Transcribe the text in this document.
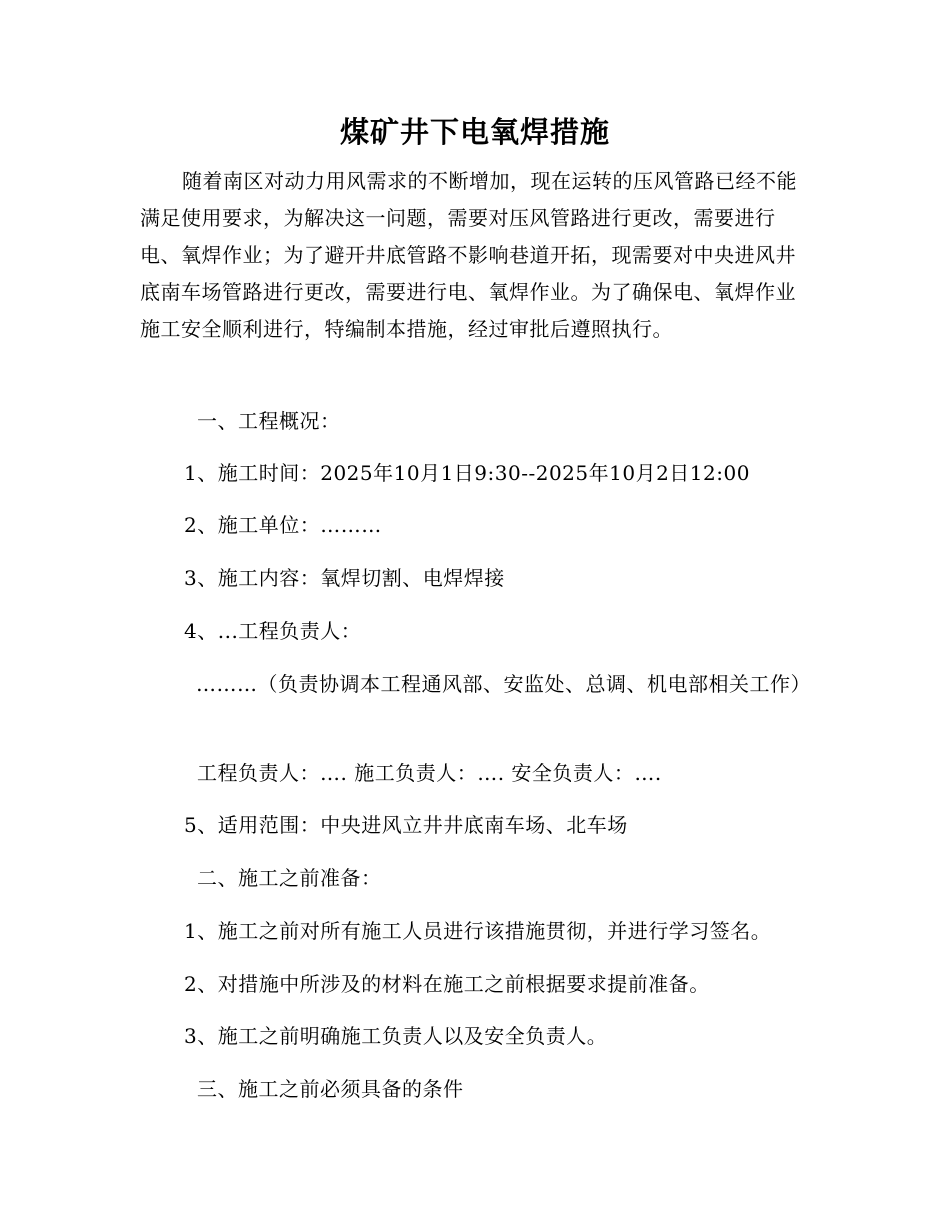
煤矿井下电氧焊措施

随着南区对动力用风需求的不断增加，现在运转的压风管路已经不能满足使用要求，为解决这一问题，需要对压风管路进行更改，需要进行电、氧焊作业；为了避开井底管路不影响巷道开拓，现需要对中央进风井底南车场管路进行更改，需要进行电、氧焊作业。为了确保电、氧焊作业施工安全顺利进行，特编制本措施，经过审批后遵照执行。

一、工程概况：

1、施工时间：2025年10月1日9:30--2025年10月2日12:00

2、施工单位：………

3、施工内容：氧焊切割、电焊焊接

4、...工程负责人：

………（负责协调本工程通风部、安监处、总调、机电部相关工作）

工程负责人：…. 施工负责人：…. 安全负责人：….

5、适用范围：中央进风立井井底南车场、北车场

二、施工之前准备：

1、施工之前对所有施工人员进行该措施贯彻，并进行学习签名。

2、对措施中所涉及的材料在施工之前根据要求提前准备。

3、施工之前明确施工负责人以及安全负责人。

三、施工之前必须具备的条件
